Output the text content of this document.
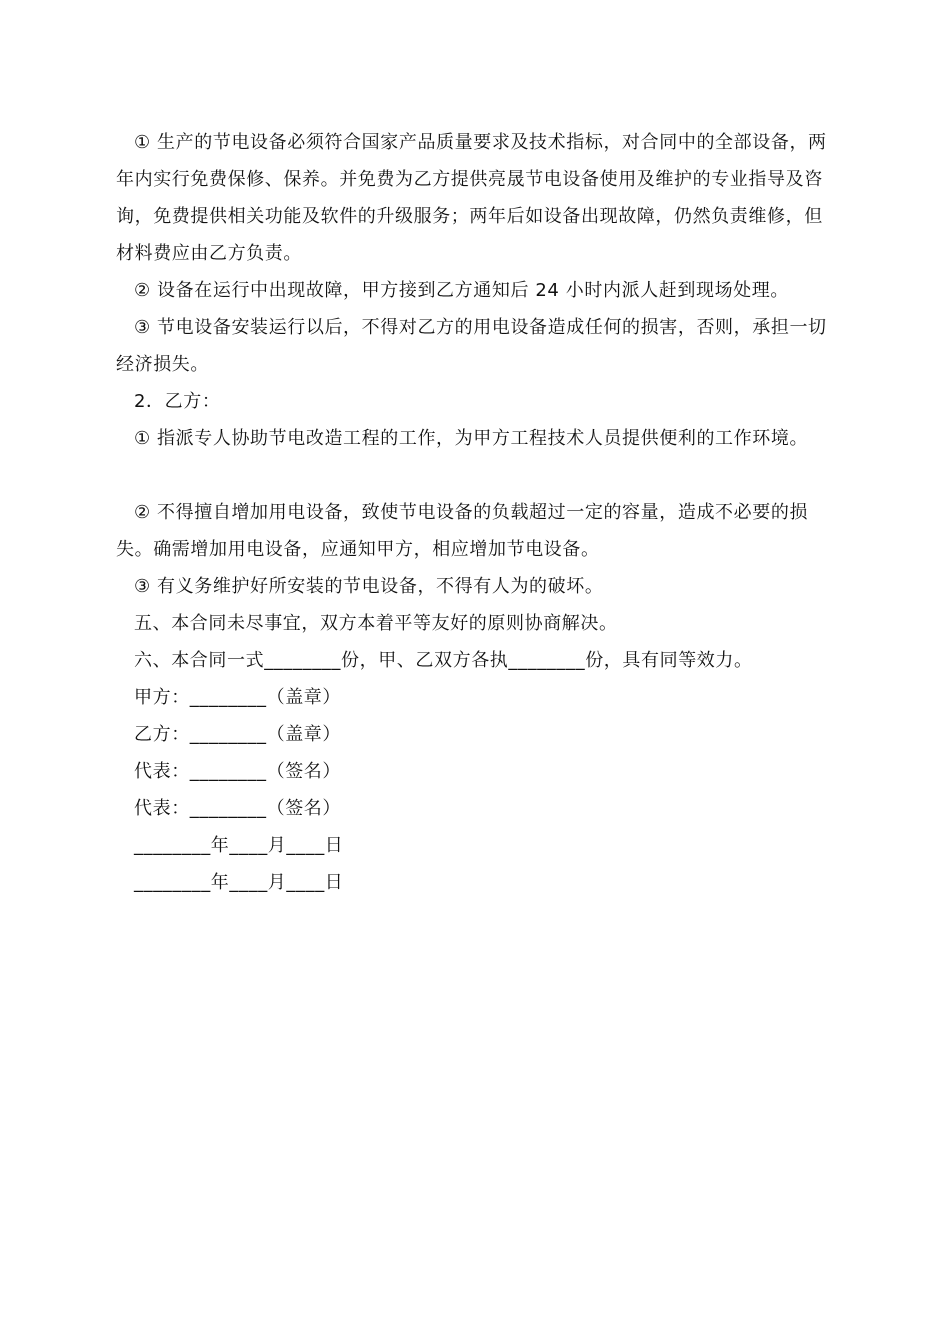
① 生产的节电设备必须符合国家产品质量要求及技术指标，对合同中的全部设备，两年内实行免费保修、保养。并免费为乙方提供亮晟节电设备使用及维护的专业指导及咨询，免费提供相关功能及软件的升级服务；两年后如设备出现故障，仍然负责维修，但材料费应由乙方负责。

② 设备在运行中出现故障，甲方接到乙方通知后 24 小时内派人赶到现场处理。

③ 节电设备安装运行以后，不得对乙方的用电设备造成任何的损害，否则，承担一切经济损失。

2．乙方：

① 指派专人协助节电改造工程的工作，为甲方工程技术人员提供便利的工作环境。

② 不得擅自增加用电设备，致使节电设备的负载超过一定的容量，造成不必要的损失。确需增加用电设备，应通知甲方，相应增加节电设备。

③ 有义务维护好所安装的节电设备，不得有人为的破坏。

五、本合同未尽事宜，双方本着平等友好的原则协商解决。

六、本合同一式________份，甲、乙双方各执________份，具有同等效力。

甲方：________（盖章）

乙方：________（盖章）

代表：________（签名）

代表：________（签名）

________年____月____日

________年____月____日
